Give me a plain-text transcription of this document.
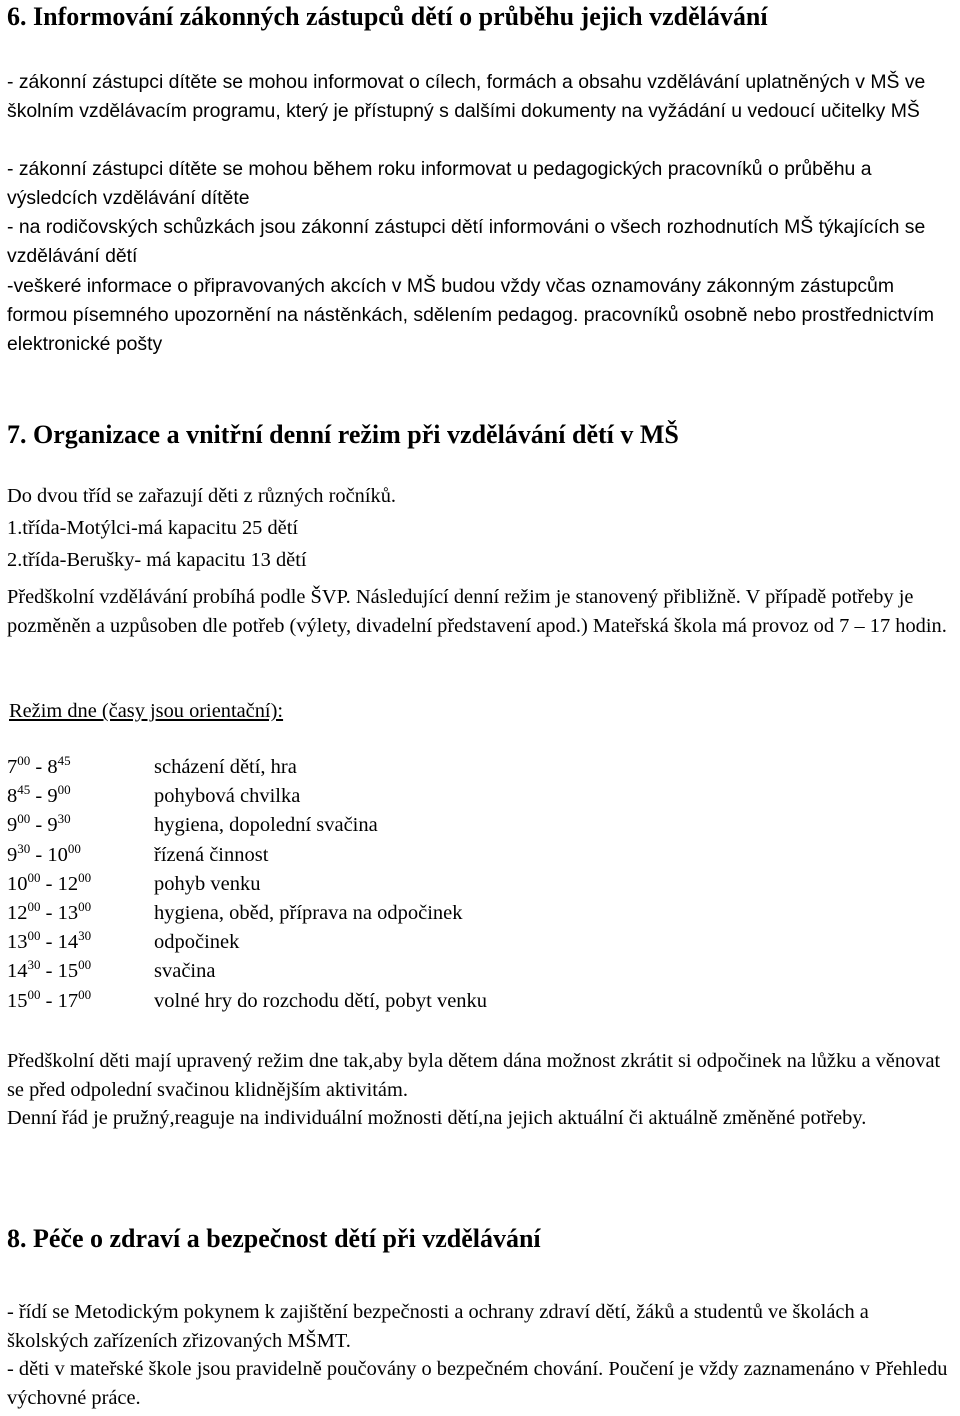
6. Informování zákonných zástupců dětí o průběhu jejich vzdělávání

- zákonní zástupci dítěte se mohou informovat o cílech, formách a obsahu vzdělávání uplatněných v MŠ ve školním vzdělávacím programu, který je přístupný s dalšími dokumenty na vyžádání u vedoucí učitelky MŠ

- zákonní zástupci dítěte se mohou během roku informovat u pedagogických pracovníků o průběhu a výsledcích vzdělávání dítěte

- na rodičovských schůzkách jsou zákonní zástupci dětí informováni o všech rozhodnutích MŠ týkajících se vzdělávání dětí

-veškeré informace o připravovaných akcích v MŠ budou vždy včas oznamovány zákonným zástupcům formou písemného upozornění na nástěnkách, sdělením pedagog. pracovníků osobně nebo prostřednictvím elektronické pošty

7. Organizace a vnitřní denní režim při vzdělávání dětí v MŠ

Do dvou tříd se zařazují děti z různých ročníků.

1.třída-Motýlci-má kapacitu 25 dětí

2.třída-Berušky- má kapacitu 13 dětí

Předškolní vzdělávání probíhá podle ŠVP. Následující denní režim je stanovený přibližně. V případě potřeby je pozměněn a uzpůsoben dle potřeb (výlety, divadelní představení apod.) Mateřská škola má provoz od 7 – 17 hodin.

Režim dne (časy jsou orientační):

$7^{00} - 8^{45}$	scházení dětí, hra
$8^{45} - 9^{00}$	pohybová chvilka
$9^{00} - 9^{30}$	hygiena, dopolední svačina
$9^{30} - 10^{00}$	řízená činnost
$10^{00} - 12^{00}$	pohyb venku
$12^{00} - 13^{00}$	hygiena, oběd, příprava na odpočinek
$13^{00} - 14^{30}$	odpočinek
$14^{30} - 15^{00}$	svačina
$15^{00} - 17^{00}$	volné hry do rozchodu dětí, pobyt venku

Předškolní děti mají upravený režim dne tak,aby byla dětem dána možnost zkrátit si odpočinek na lůžku a věnovat se před odpolední svačinou klidnějším aktivitám.

Denní řád je pružný,reaguje na individuální možnosti dětí,na jejich aktuální či aktuálně změněné potřeby.

8. Péče o zdraví a bezpečnost dětí při vzdělávání

- řídí se Metodickým pokynem k zajištění bezpečnosti a ochrany zdraví dětí, žáků a studentů ve školách a školských zařízeních zřizovaných MŠMT.

- děti v mateřské škole jsou pravidelně poučovány o bezpečném chování. Poučení je vždy zaznamenáno v Přehledu výchovné práce.
